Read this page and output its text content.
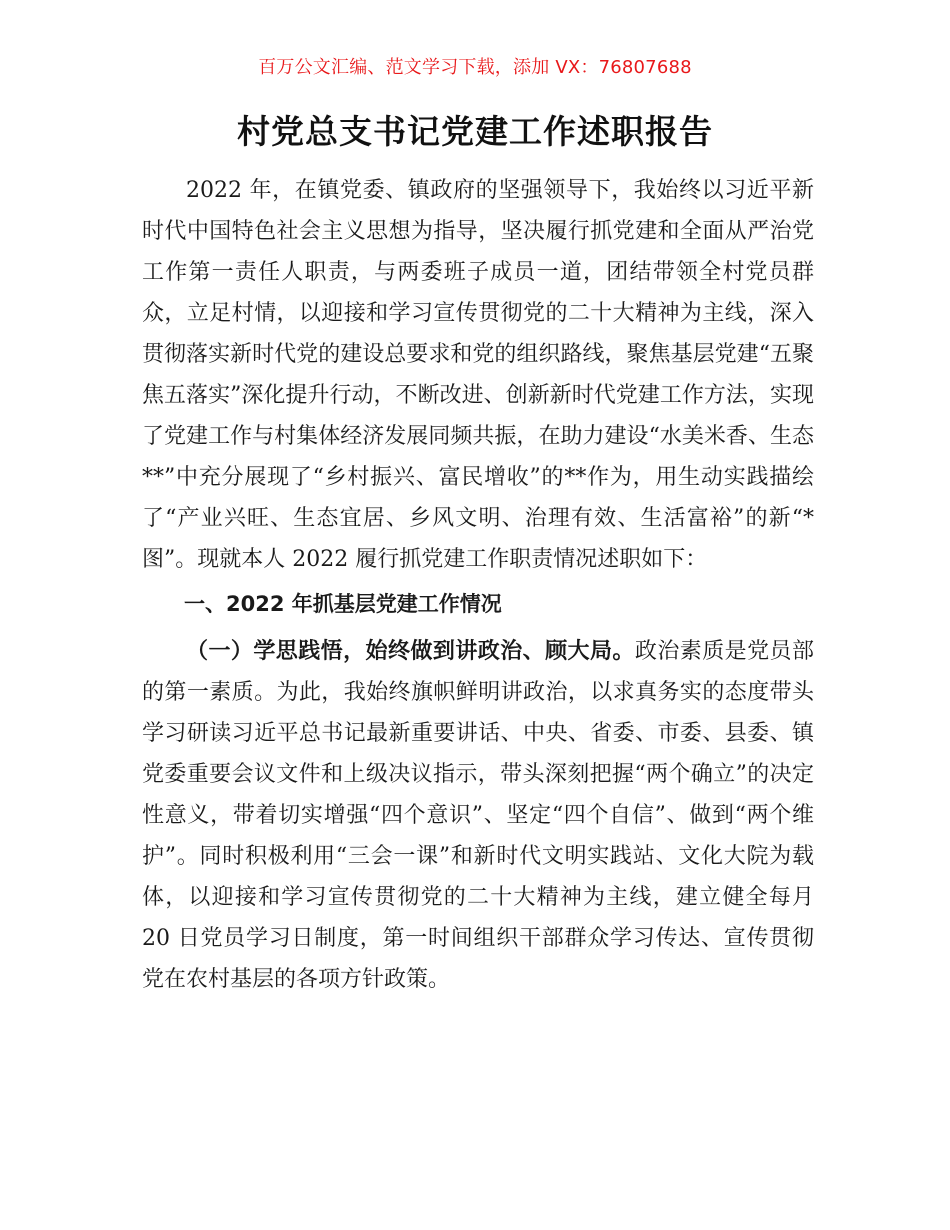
百万公文汇编、范文学习下载，添加 VX：76807688
村党总支书记党建工作述职报告

2022 年，在镇党委、镇政府的坚强领导下，我始终以习近平新时代中国特色社会主义思想为指导，坚决履行抓党建和全面从严治党工作第一责任人职责，与两委班子成员一道，团结带领全村党员群众，立足村情，以迎接和学习宣传贯彻党的二十大精神为主线，深入贯彻落实新时代党的建设总要求和党的组织路线，聚焦基层党建“五聚焦五落实”深化提升行动，不断改进、创新新时代党建工作方法，实现了党建工作与村集体经济发展同频共振，在助力建设“水美米香、生态**”中充分展现了“乡村振兴、富民增收”的**作为，用生动实践描绘了“产业兴旺、生态宜居、乡风文明、治理有效、生活富裕”的新“*图”。现就本人 2022 履行抓党建工作职责情况述职如下：

一、2022 年抓基层党建工作情况

（一）学思践悟，始终做到讲政治、顾大局。政治素质是党员部的第一素质。为此，我始终旗帜鲜明讲政治，以求真务实的态度带头学习研读习近平总书记最新重要讲话、中央、省委、市委、县委、镇党委重要会议文件和上级决议指示，带头深刻把握“两个确立”的决定性意义，带着切实增强“四个意识”、坚定“四个自信”、做到“两个维护”。同时积极利用“三会一课”和新时代文明实践站、文化大院为载体，以迎接和学习宣传贯彻党的二十大精神为主线，建立健全每月 20 日党员学习日制度，第一时间组织干部群众学习传达、宣传贯彻党在农村基层的各项方针政策。
